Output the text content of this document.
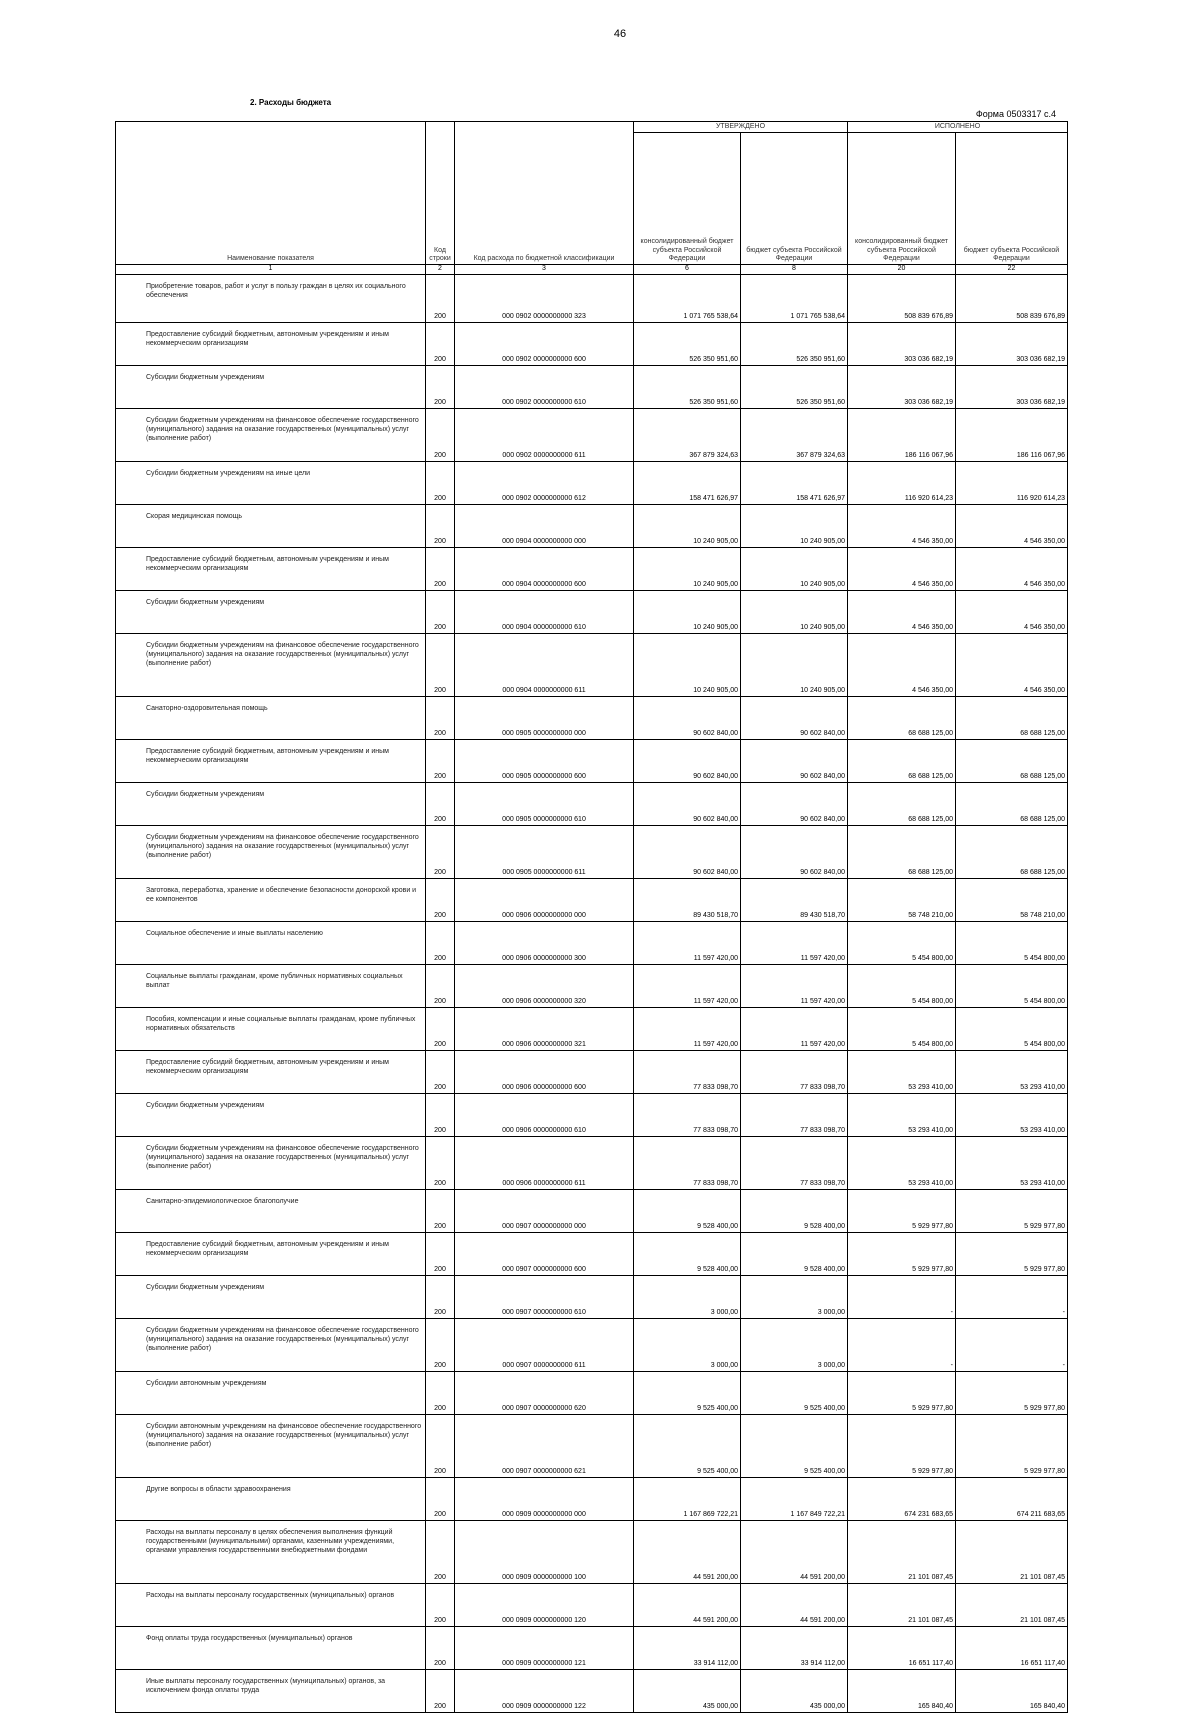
46
2. Расходы бюджета
Форма 0503317 с.4
Наименование показателя	Код строки	Код расхода по бюджетной классификации	УТВЕРЖДЕНО		ИСПОЛНЕНО	
			консолидированный бюджет субъекта Российской Федерации	бюджет субъекта Российской Федерации	консолидированный бюджет субъекта Российской Федерации	бюджет субъекта Российской Федерации
1	2	3	6	8	20	22
Приобретение товаров, работ и услуг в пользу граждан в целях их социального обеспечения	200	000 0902 0000000000 323	1 071 765 538,64	1 071 765 538,64	508 839 676,89	508 839 676,89
Предоставление субсидий бюджетным, автономным учреждениям и иным некоммерческим организациям	200	000 0902 0000000000 600	526 350 951,60	526 350 951,60	303 036 682,19	303 036 682,19
Субсидии бюджетным учреждениям	200	000 0902 0000000000 610	526 350 951,60	526 350 951,60	303 036 682,19	303 036 682,19
Субсидии бюджетным учреждениям на финансовое обеспечение государственного (муниципального) задания на оказание государственных (муниципальных) услуг (выполнение работ)	200	000 0902 0000000000 611	367 879 324,63	367 879 324,63	186 116 067,96	186 116 067,96
Субсидии бюджетным учреждениям на иные цели	200	000 0902 0000000000 612	158 471 626,97	158 471 626,97	116 920 614,23	116 920 614,23
Скорая медицинская помощь	200	000 0904 0000000000 000	10 240 905,00	10 240 905,00	4 546 350,00	4 546 350,00
Предоставление субсидий бюджетным, автономным учреждениям и иным некоммерческим организациям	200	000 0904 0000000000 600	10 240 905,00	10 240 905,00	4 546 350,00	4 546 350,00
Субсидии бюджетным учреждениям	200	000 0904 0000000000 610	10 240 905,00	10 240 905,00	4 546 350,00	4 546 350,00
Субсидии бюджетным учреждениям на финансовое обеспечение государственного (муниципального) задания на оказание государственных (муниципальных) услуг (выполнение работ)	200	000 0904 0000000000 611	10 240 905,00	10 240 905,00	4 546 350,00	4 546 350,00
Санаторно-оздоровительная помощь	200	000 0905 0000000000 000	90 602 840,00	90 602 840,00	68 688 125,00	68 688 125,00
Предоставление субсидий бюджетным, автономным учреждениям и иным некоммерческим организациям	200	000 0905 0000000000 600	90 602 840,00	90 602 840,00	68 688 125,00	68 688 125,00
Субсидии бюджетным учреждениям	200	000 0905 0000000000 610	90 602 840,00	90 602 840,00	68 688 125,00	68 688 125,00
Субсидии бюджетным учреждениям на финансовое обеспечение государственного (муниципального) задания на оказание государственных (муниципальных) услуг (выполнение работ)	200	000 0905 0000000000 611	90 602 840,00	90 602 840,00	68 688 125,00	68 688 125,00
Заготовка, переработка, хранение и обеспечение безопасности донорской крови и ее компонентов	200	000 0906 0000000000 000	89 430 518,70	89 430 518,70	58 748 210,00	58 748 210,00
Социальное обеспечение и иные выплаты населению	200	000 0906 0000000000 300	11 597 420,00	11 597 420,00	5 454 800,00	5 454 800,00
Социальные выплаты гражданам, кроме публичных нормативных социальных выплат	200	000 0906 0000000000 320	11 597 420,00	11 597 420,00	5 454 800,00	5 454 800,00
Пособия, компенсации и иные социальные выплаты гражданам, кроме публичных нормативных обязательств	200	000 0906 0000000000 321	11 597 420,00	11 597 420,00	5 454 800,00	5 454 800,00
Предоставление субсидий бюджетным, автономным учреждениям и иным некоммерческим организациям	200	000 0906 0000000000 600	77 833 098,70	77 833 098,70	53 293 410,00	53 293 410,00
Субсидии бюджетным учреждениям	200	000 0906 0000000000 610	77 833 098,70	77 833 098,70	53 293 410,00	53 293 410,00
Субсидии бюджетным учреждениям на финансовое обеспечение государственного (муниципального) задания на оказание государственных (муниципальных) услуг (выполнение работ)	200	000 0906 0000000000 611	77 833 098,70	77 833 098,70	53 293 410,00	53 293 410,00
Санитарно-эпидемиологическое благополучие	200	000 0907 0000000000 000	9 528 400,00	9 528 400,00	5 929 977,80	5 929 977,80
Предоставление субсидий бюджетным, автономным учреждениям и иным некоммерческим организациям	200	000 0907 0000000000 600	9 528 400,00	9 528 400,00	5 929 977,80	5 929 977,80
Субсидии бюджетным учреждениям	200	000 0907 0000000000 610	3 000,00	3 000,00	-	-
Субсидии бюджетным учреждениям на финансовое обеспечение государственного (муниципального) задания на оказание государственных (муниципальных) услуг (выполнение работ)	200	000 0907 0000000000 611	3 000,00	3 000,00	-	-
Субсидии автономным учреждениям	200	000 0907 0000000000 620	9 525 400,00	9 525 400,00	5 929 977,80	5 929 977,80
Субсидии автономным учреждениям на финансовое обеспечение государственного (муниципального) задания на оказание государственных (муниципальных) услуг (выполнение работ)	200	000 0907 0000000000 621	9 525 400,00	9 525 400,00	5 929 977,80	5 929 977,80
Другие вопросы в области здравоохранения	200	000 0909 0000000000 000	1 167 869 722,21	1 167 849 722,21	674 231 683,65	674 211 683,65
Расходы на выплаты персоналу в целях обеспечения выполнения функций государственными (муниципальными) органами, казенными учреждениями, органами управления государственными внебюджетными фондами	200	000 0909 0000000000 100	44 591 200,00	44 591 200,00	21 101 087,45	21 101 087,45
Расходы на выплаты персоналу государственных (муниципальных) органов	200	000 0909 0000000000 120	44 591 200,00	44 591 200,00	21 101 087,45	21 101 087,45
Фонд оплаты труда государственных (муниципальных) органов	200	000 0909 0000000000 121	33 914 112,00	33 914 112,00	16 651 117,40	16 651 117,40
Иные выплаты персоналу государственных (муниципальных) органов, за исключением фонда оплаты труда	200	000 0909 0000000000 122	435 000,00	435 000,00	165 840,40	165 840,40
